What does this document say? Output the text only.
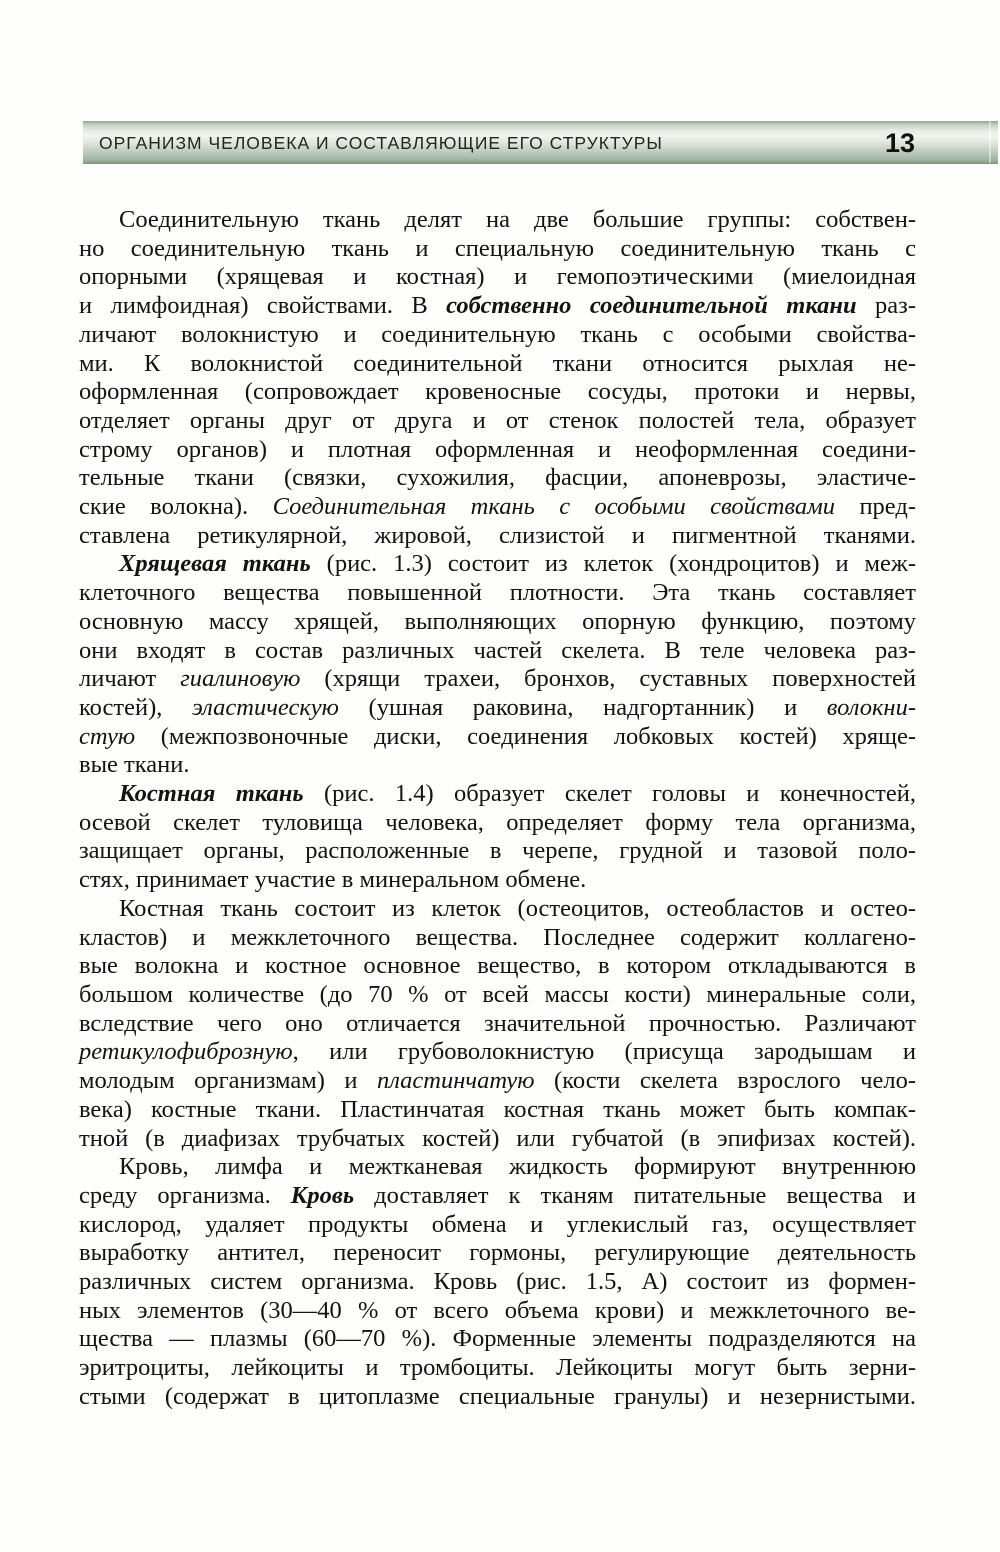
ОРГАНИЗМ ЧЕЛОВЕКА И СОСТАВЛЯЮЩИЕ ЕГО СТРУКТУРЫ	13
Соединительную ткань делят на две большие группы: собствен-
но соединительную ткань и специальную соединительную ткань с
опорными (хрящевая и костная) и гемопоэтическими (миелоидная
и лимфоидная) свойствами. В собственно соединительной ткани раз-
личают волокнистую и соединительную ткань с особыми свойства-
ми. К волокнистой соединительной ткани относится рыхлая не-
оформленная (сопровождает кровеносные сосуды, протоки и нервы,
отделяет органы друг от друга и от стенок полостей тела, образует
строму органов) и плотная оформленная и неоформленная соедини-
тельные ткани (связки, сухожилия, фасции, апоневрозы, эластиче-
ские волокна). Соединительная ткань с особыми свойствами пред-
ставлена ретикулярной, жировой, слизистой и пигментной тканями.
Хрящевая ткань (рис. 1.3) состоит из клеток (хондроцитов) и меж-
клеточного вещества повышенной плотности. Эта ткань составляет
основную массу хрящей, выполняющих опорную функцию, поэтому
они входят в состав различных частей скелета. В теле человека раз-
личают гиалиновую (хрящи трахеи, бронхов, суставных поверхностей
костей), эластическую (ушная раковина, надгортанник) и волокни-
стую (межпозвоночные диски, соединения лобковых костей) хряще-
вые ткани.
Костная ткань (рис. 1.4) образует скелет головы и конечностей,
осевой скелет туловища человека, определяет форму тела организма,
защищает органы, расположенные в черепе, грудной и тазовой поло-
стях, принимает участие в минеральном обмене.
Костная ткань состоит из клеток (остеоцитов, остеобластов и остео-
кластов) и межклеточного вещества. Последнее содержит коллагено-
вые волокна и костное основное вещество, в котором откладываются в
большом количестве (до 70 % от всей массы кости) минеральные соли,
вследствие чего оно отличается значительной прочностью. Различают
ретикулофиброзную, или грубоволокнистую (присуща зародышам и
молодым организмам) и пластинчатую (кости скелета взрослого чело-
века) костные ткани. Пластинчатая костная ткань может быть компак-
тной (в диафизах трубчатых костей) или губчатой (в эпифизах костей).
Кровь, лимфа и межтканевая жидкость формируют внутреннюю
среду организма. Кровь доставляет к тканям питательные вещества и
кислород, удаляет продукты обмена и углекислый газ, осуществляет
выработку антител, переносит гормоны, регулирующие деятельность
различных систем организма. Кровь (рис. 1.5, А) состоит из формен-
ных элементов (30—40 % от всего объема крови) и межклеточного ве-
щества — плазмы (60—70 %). Форменные элементы подразделяются на
эритроциты, лейкоциты и тромбоциты. Лейкоциты могут быть зерни-
стыми (содержат в цитоплазме специальные гранулы) и незернистыми.
